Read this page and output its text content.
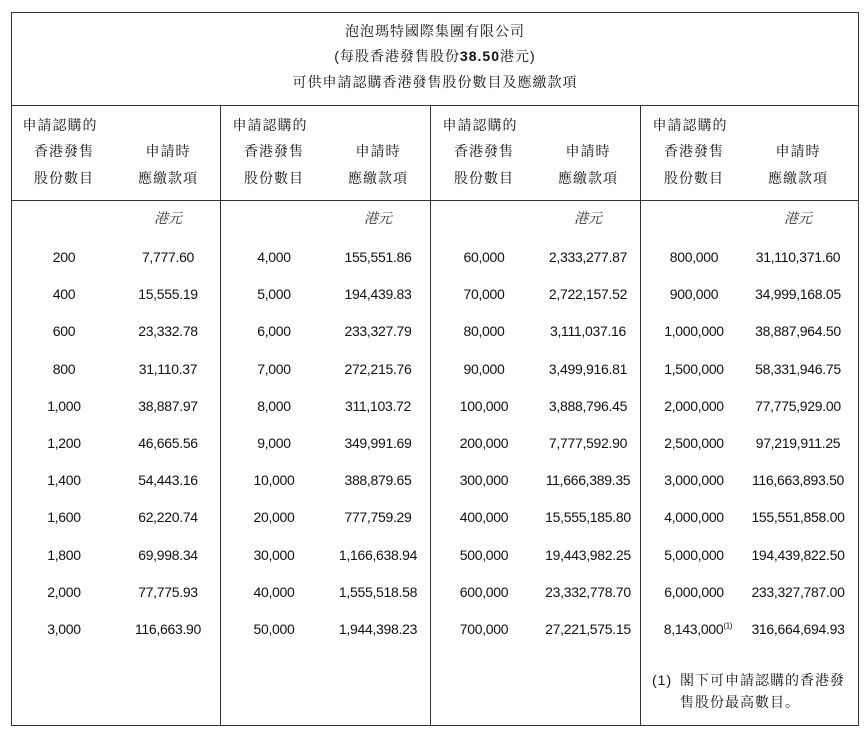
泡泡瑪特國際集團有限公司
(每股香港發售股份38.50港元)
可供申請認購香港發售股份數目及應繳款項
申請認購的
香港發售
股份數目
申請時
應繳款項
港元
200	7,777.60
400	15,555.19
600	23,332.78
800	31,110.37
1,000	38,887.97
1,200	46,665.56
1,400	54,443.16
1,600	62,220.74
1,800	69,998.34
2,000	77,775.93
3,000	116,663.90
申請認購的
香港發售
股份數目
申請時
應繳款項
港元
4,000	155,551.86
5,000	194,439.83
6,000	233,327.79
7,000	272,215.76
8,000	311,103.72
9,000	349,991.69
10,000	388,879.65
20,000	777,759.29
30,000	1,166,638.94
40,000	1,555,518.58
50,000	1,944,398.23
申請認購的
香港發售
股份數目
申請時
應繳款項
港元
60,000	2,333,277.87
70,000	2,722,157.52
80,000	3,111,037.16
90,000	3,499,916.81
100,000	3,888,796.45
200,000	7,777,592.90
300,000	11,666,389.35
400,000	15,555,185.80
500,000	19,443,982.25
600,000	23,332,778.70
700,000	27,221,575.15
申請認購的
香港發售
股份數目
申請時
應繳款項
港元
800,000	31,110,371.60
900,000	34,999,168.05
1,000,000 38,887,964.50
1,500,000 58,331,946.75
2,000,000 77,775,929.00
2,500,000 97,219,911.25
3,000,000 116,663,893.50
4,000,000 155,551,858.00
5,000,000 194,439,822.50
6,000,000 233,327,787.00
8,143,000$^{(1)}$ 316,664,694.93
(1) 閣下可申請認購的香港發售股份最高數目。
